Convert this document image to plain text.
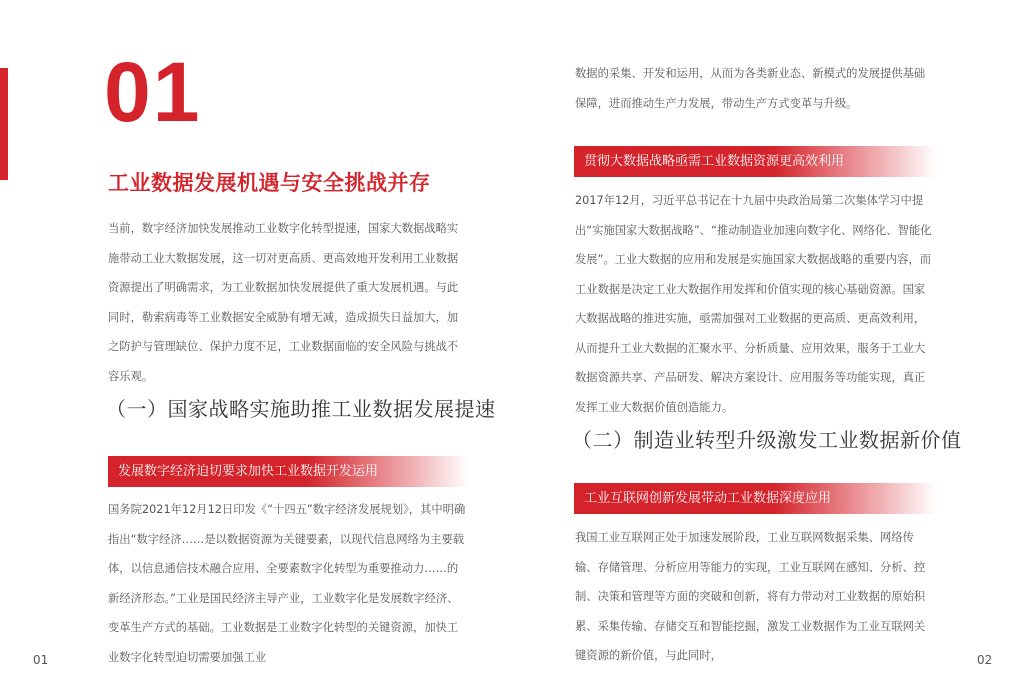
01
工业数据发展机遇与安全挑战并存

当前，数字经济加快发展推动工业数字化转型提速，国家大数据战略实施带动工业大数据发展，这一切对更高质、更高效地开发利用工业数据资源提出了明确需求，为工业数据加快发展提供了重大发展机遇。与此同时，勒索病毒等工业数据安全威胁有增无减，造成损失日益加大，加之防护与管理缺位、保护力度不足，工业数据面临的安全风险与挑战不容乐观。

（一）国家战略实施助推工业数据发展提速
发展数字经济迫切要求加快工业数据开发运用

国务院2021年12月12日印发《“十四五”数字经济发展规划》，其中明确指出“数字经济……是以数据资源为关键要素，以现代信息网络为主要载体，以信息通信技术融合应用、全要素数字化转型为重要推动力……的新经济形态。”工业是国民经济主导产业，工业数字化是发展数字经济、变革生产方式的基础。工业数据是工业数字化转型的关键资源，加快工业数字化转型迫切需要加强工业

01

数据的采集、开发和运用，从而为各类新业态、新模式的发展提供基础保障，进而推动生产力发展，带动生产方式变革与升级。

贯彻大数据战略亟需工业数据资源更高效利用

2017年12月，习近平总书记在十九届中央政治局第二次集体学习中提出“实施国家大数据战略”、“推动制造业加速向数字化、网络化、智能化发展”。工业大数据的应用和发展是实施国家大数据战略的重要内容，而工业数据是决定工业大数据作用发挥和价值实现的核心基础资源。国家大数据战略的推进实施，亟需加强对工业数据的更高质、更高效利用，从而提升工业大数据的汇聚水平、分析质量、应用效果，服务于工业大数据资源共享、产品研发、解决方案设计、应用服务等功能实现，真正发挥工业大数据价值创造能力。

（二）制造业转型升级激发工业数据新价值
工业互联网创新发展带动工业数据深度应用

我国工业互联网正处于加速发展阶段，工业互联网数据采集、网络传输、存储管理、分析应用等能力的实现，工业互联网在感知、分析、控制、决策和管理等方面的突破和创新，将有力带动对工业数据的原始积累、采集传输、存储交互和智能挖掘，激发工业数据作为工业互联网关键资源的新价值，与此同时，	02
